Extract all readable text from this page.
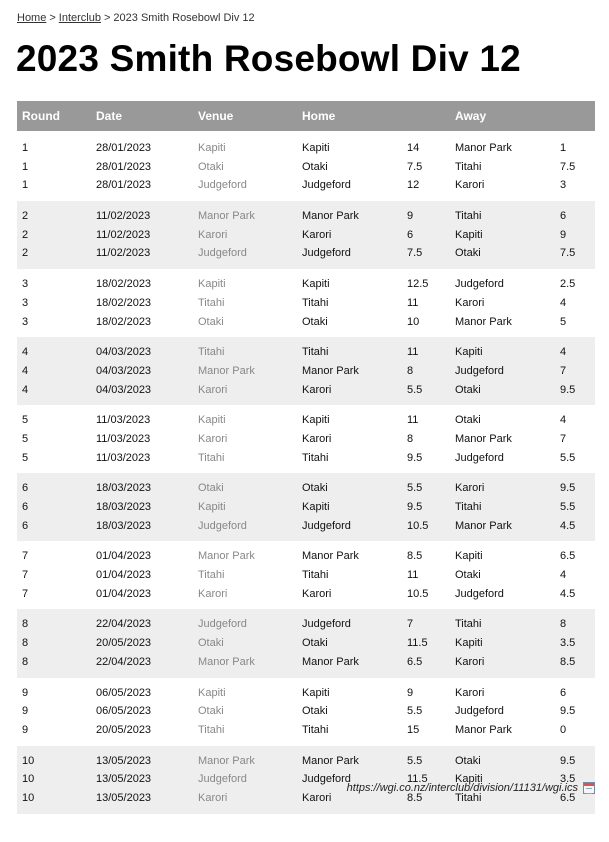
Home > Interclub > 2023 Smith Rosebowl Div 12
2023 Smith Rosebowl Div 12
Round	Date	Venue	Home	Away
1	28/01/2023	Kapiti	Kapiti	14	Manor Park	1
1	28/01/2023	Otaki	Otaki	7.5	Titahi	7.5
1	28/01/2023	Judgeford	Judgeford	12	Karori	3
2	11/02/2023	Manor Park	Manor Park	9	Titahi	6
2	11/02/2023	Karori	Karori	6	Kapiti	9
2	11/02/2023	Judgeford	Judgeford	7.5	Otaki	7.5
3	18/02/2023	Kapiti	Kapiti	12.5 Judgeford	2.5
3	18/02/2023	Titahi	Titahi	11	Karori	4
3	18/02/2023	Otaki	Otaki	10	Manor Park	5
4	04/03/2023	Titahi	Titahi	11	Kapiti	4
4	04/03/2023	Manor Park	Manor Park	8	Judgeford	7
4	04/03/2023	Karori	Karori	5.5	Otaki	9.5
5	11/03/2023	Kapiti	Kapiti	11	Otaki	4
5	11/03/2023	Karori	Karori	8	Manor Park	7
5	11/03/2023	Titahi	Titahi	9.5	Judgeford	5.5
6	18/03/2023	Otaki	Otaki	5.5	Karori	9.5
6	18/03/2023	Kapiti	Kapiti	9.5	Titahi	5.5
6	18/03/2023	Judgeford	Judgeford	10.5 Manor Park	4.5
7	01/04/2023	Manor Park	Manor Park	8.5	Kapiti	6.5
7	01/04/2023	Titahi	Titahi	11	Otaki	4
7	01/04/2023	Karori	Karori	10.5 Judgeford	4.5
8	22/04/2023	Judgeford	Judgeford	7	Titahi	8
8	20/05/2023	Otaki	Otaki	11.5 Kapiti	3.5
8	22/04/2023	Manor Park	Manor Park	6.5	Karori	8.5
9	06/05/2023	Kapiti	Kapiti	9	Karori	6
9	06/05/2023	Otaki	Otaki	5.5	Judgeford	9.5
9	20/05/2023	Titahi	Titahi	15	Manor Park	0
10	13/05/2023	Manor Park	Manor Park	5.5	Otaki	9.5
10	13/05/2023	Judgeford	Judgeford	11.5 Kapiti	3.5
10	13/05/2023	Karori	Karori	8.5	Titahi	6.5
https://wgi.co.nz/interclub/division/11131/wgi.ics
